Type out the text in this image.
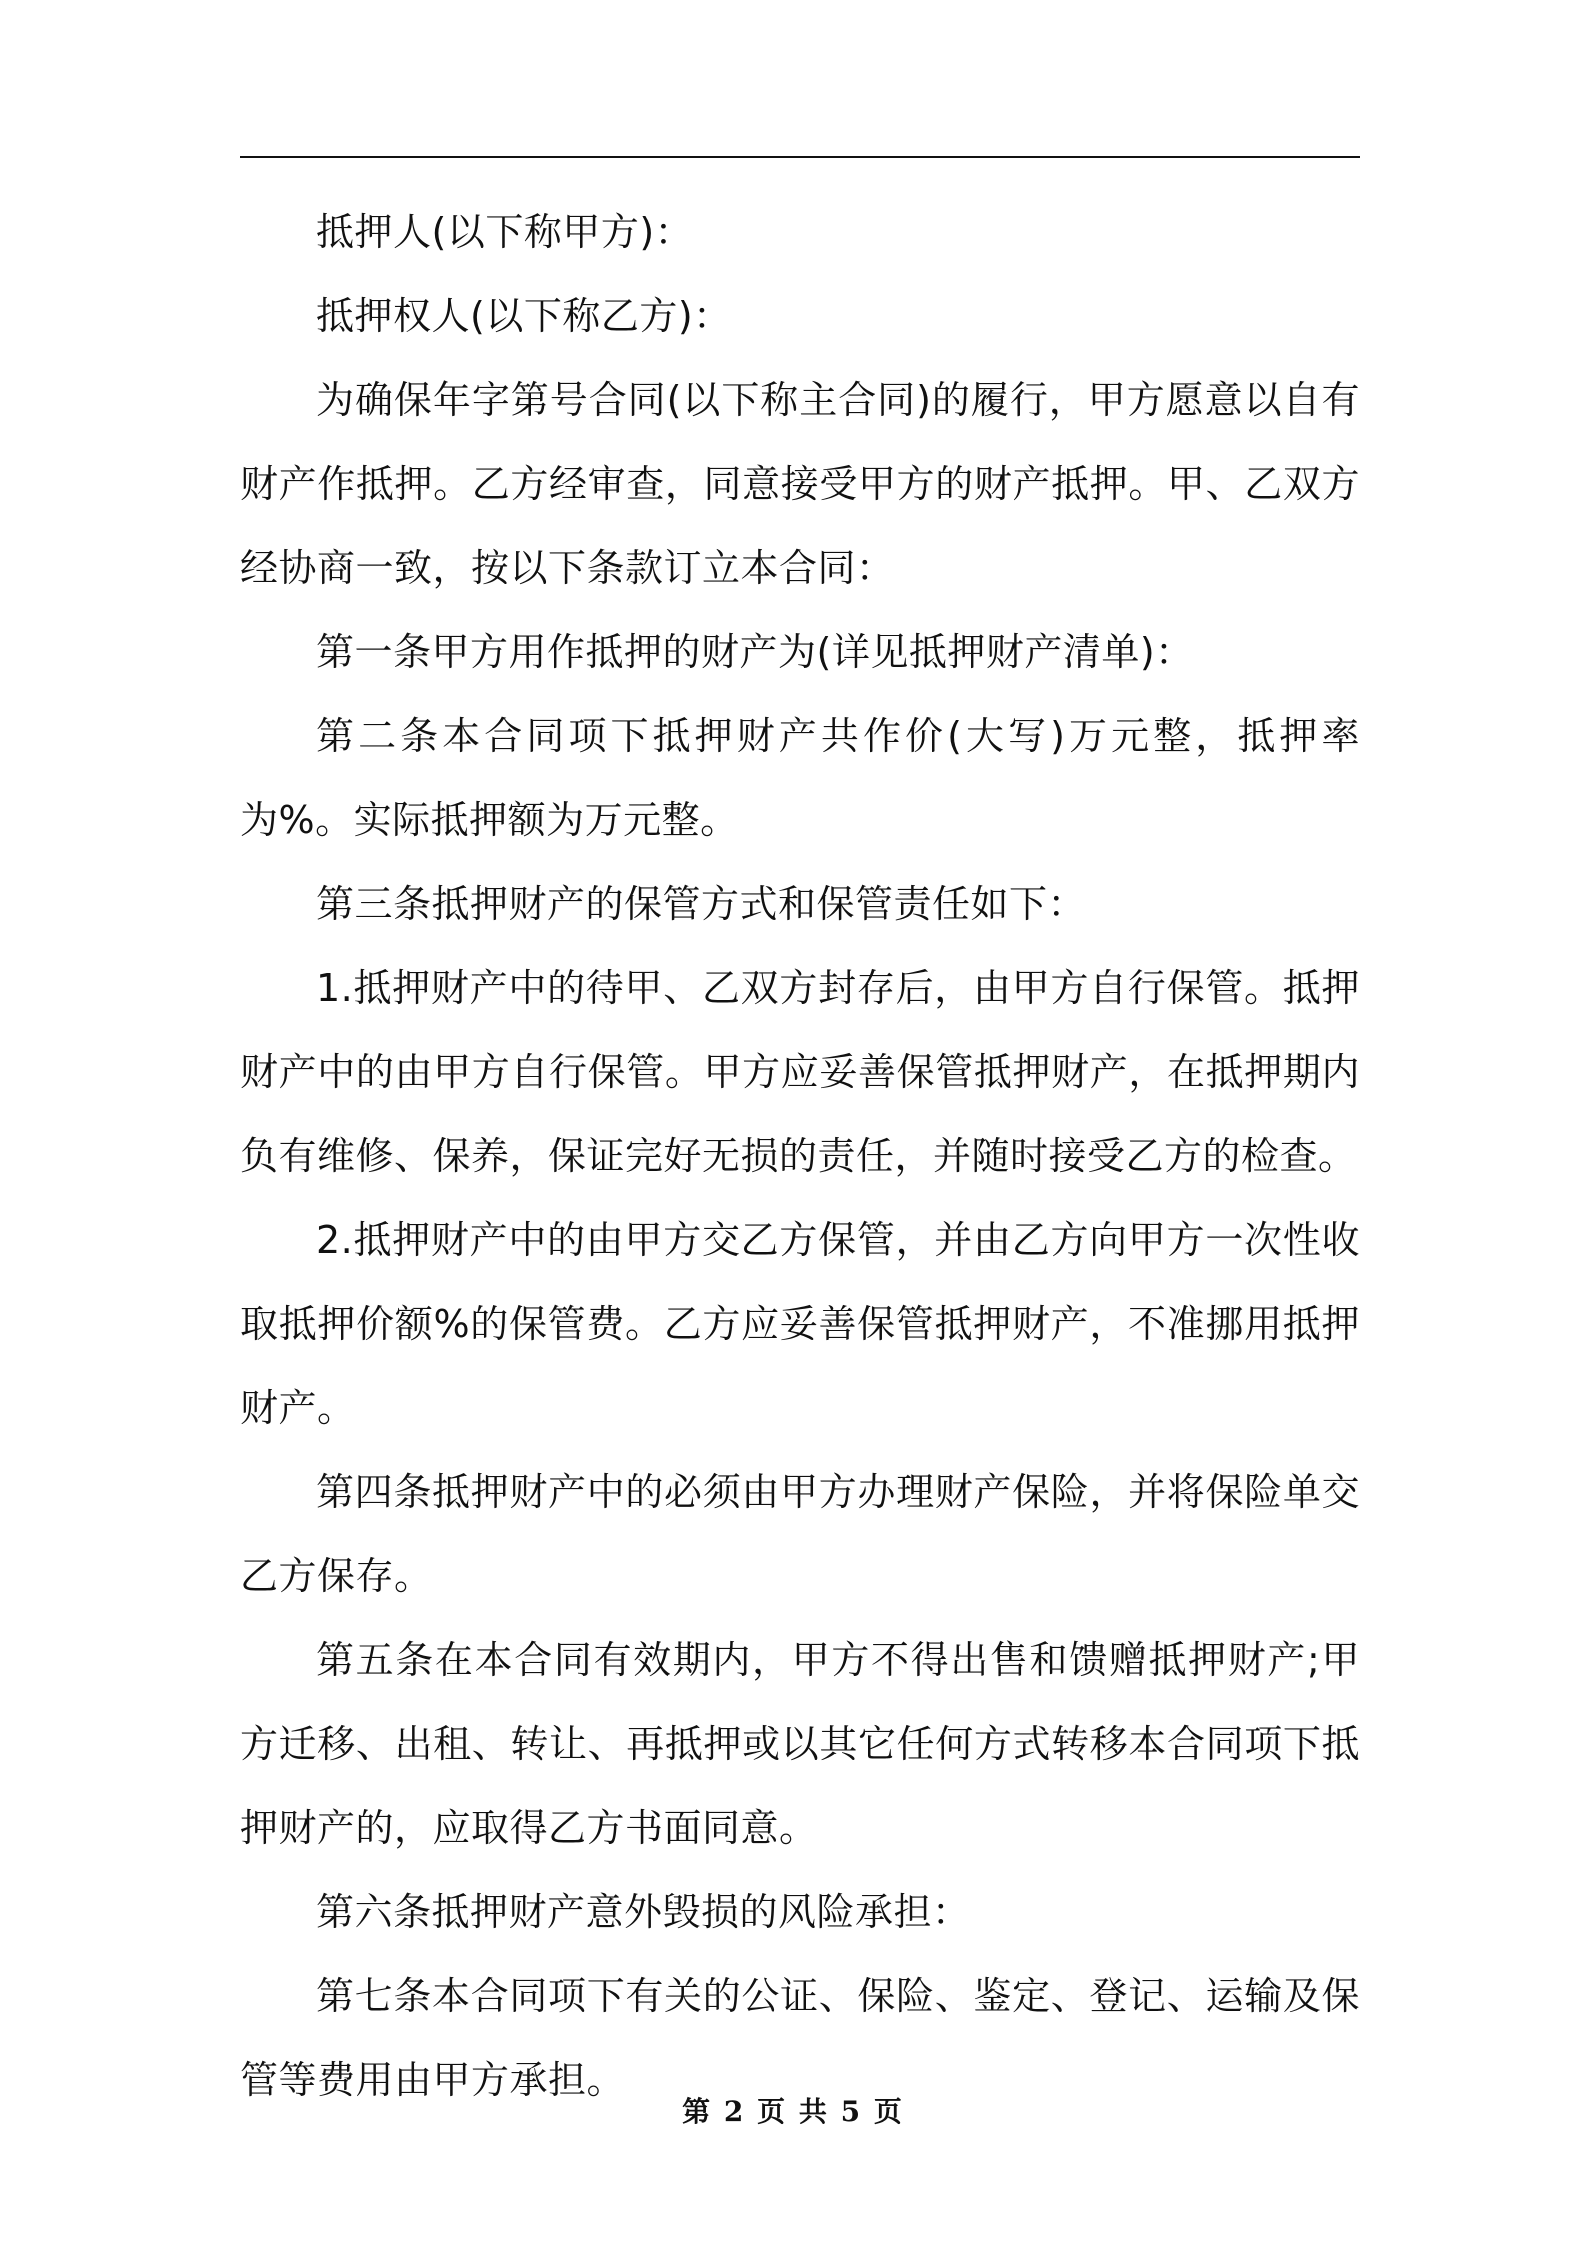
抵押人(以下称甲方)：

抵押权人(以下称乙方)：

为确保年字第号合同(以下称主合同)的履行，甲方愿意以自有财产作抵押。乙方经审查，同意接受甲方的财产抵押。甲、乙双方经协商一致，按以下条款订立本合同：

第一条甲方用作抵押的财产为(详见抵押财产清单)：

第二条本合同项下抵押财产共作价(大写)万元整，抵押率为%。实际抵押额为万元整。

第三条抵押财产的保管方式和保管责任如下：

1.抵押财产中的待甲、乙双方封存后，由甲方自行保管。抵押财产中的由甲方自行保管。甲方应妥善保管抵押财产，在抵押期内负有维修、保养，保证完好无损的责任，并随时接受乙方的检查。

2.抵押财产中的由甲方交乙方保管，并由乙方向甲方一次性收取抵押价额%的保管费。乙方应妥善保管抵押财产，不准挪用抵押财产。

第四条抵押财产中的必须由甲方办理财产保险，并将保险单交乙方保存。

第五条在本合同有效期内，甲方不得出售和馈赠抵押财产;甲方迁移、出租、转让、再抵押或以其它任何方式转移本合同项下抵押财产的，应取得乙方书面同意。

第六条抵押财产意外毁损的风险承担：

第七条本合同项下有关的公证、保险、鉴定、登记、运输及保管等费用由甲方承担。

第 2 页 共 5 页
